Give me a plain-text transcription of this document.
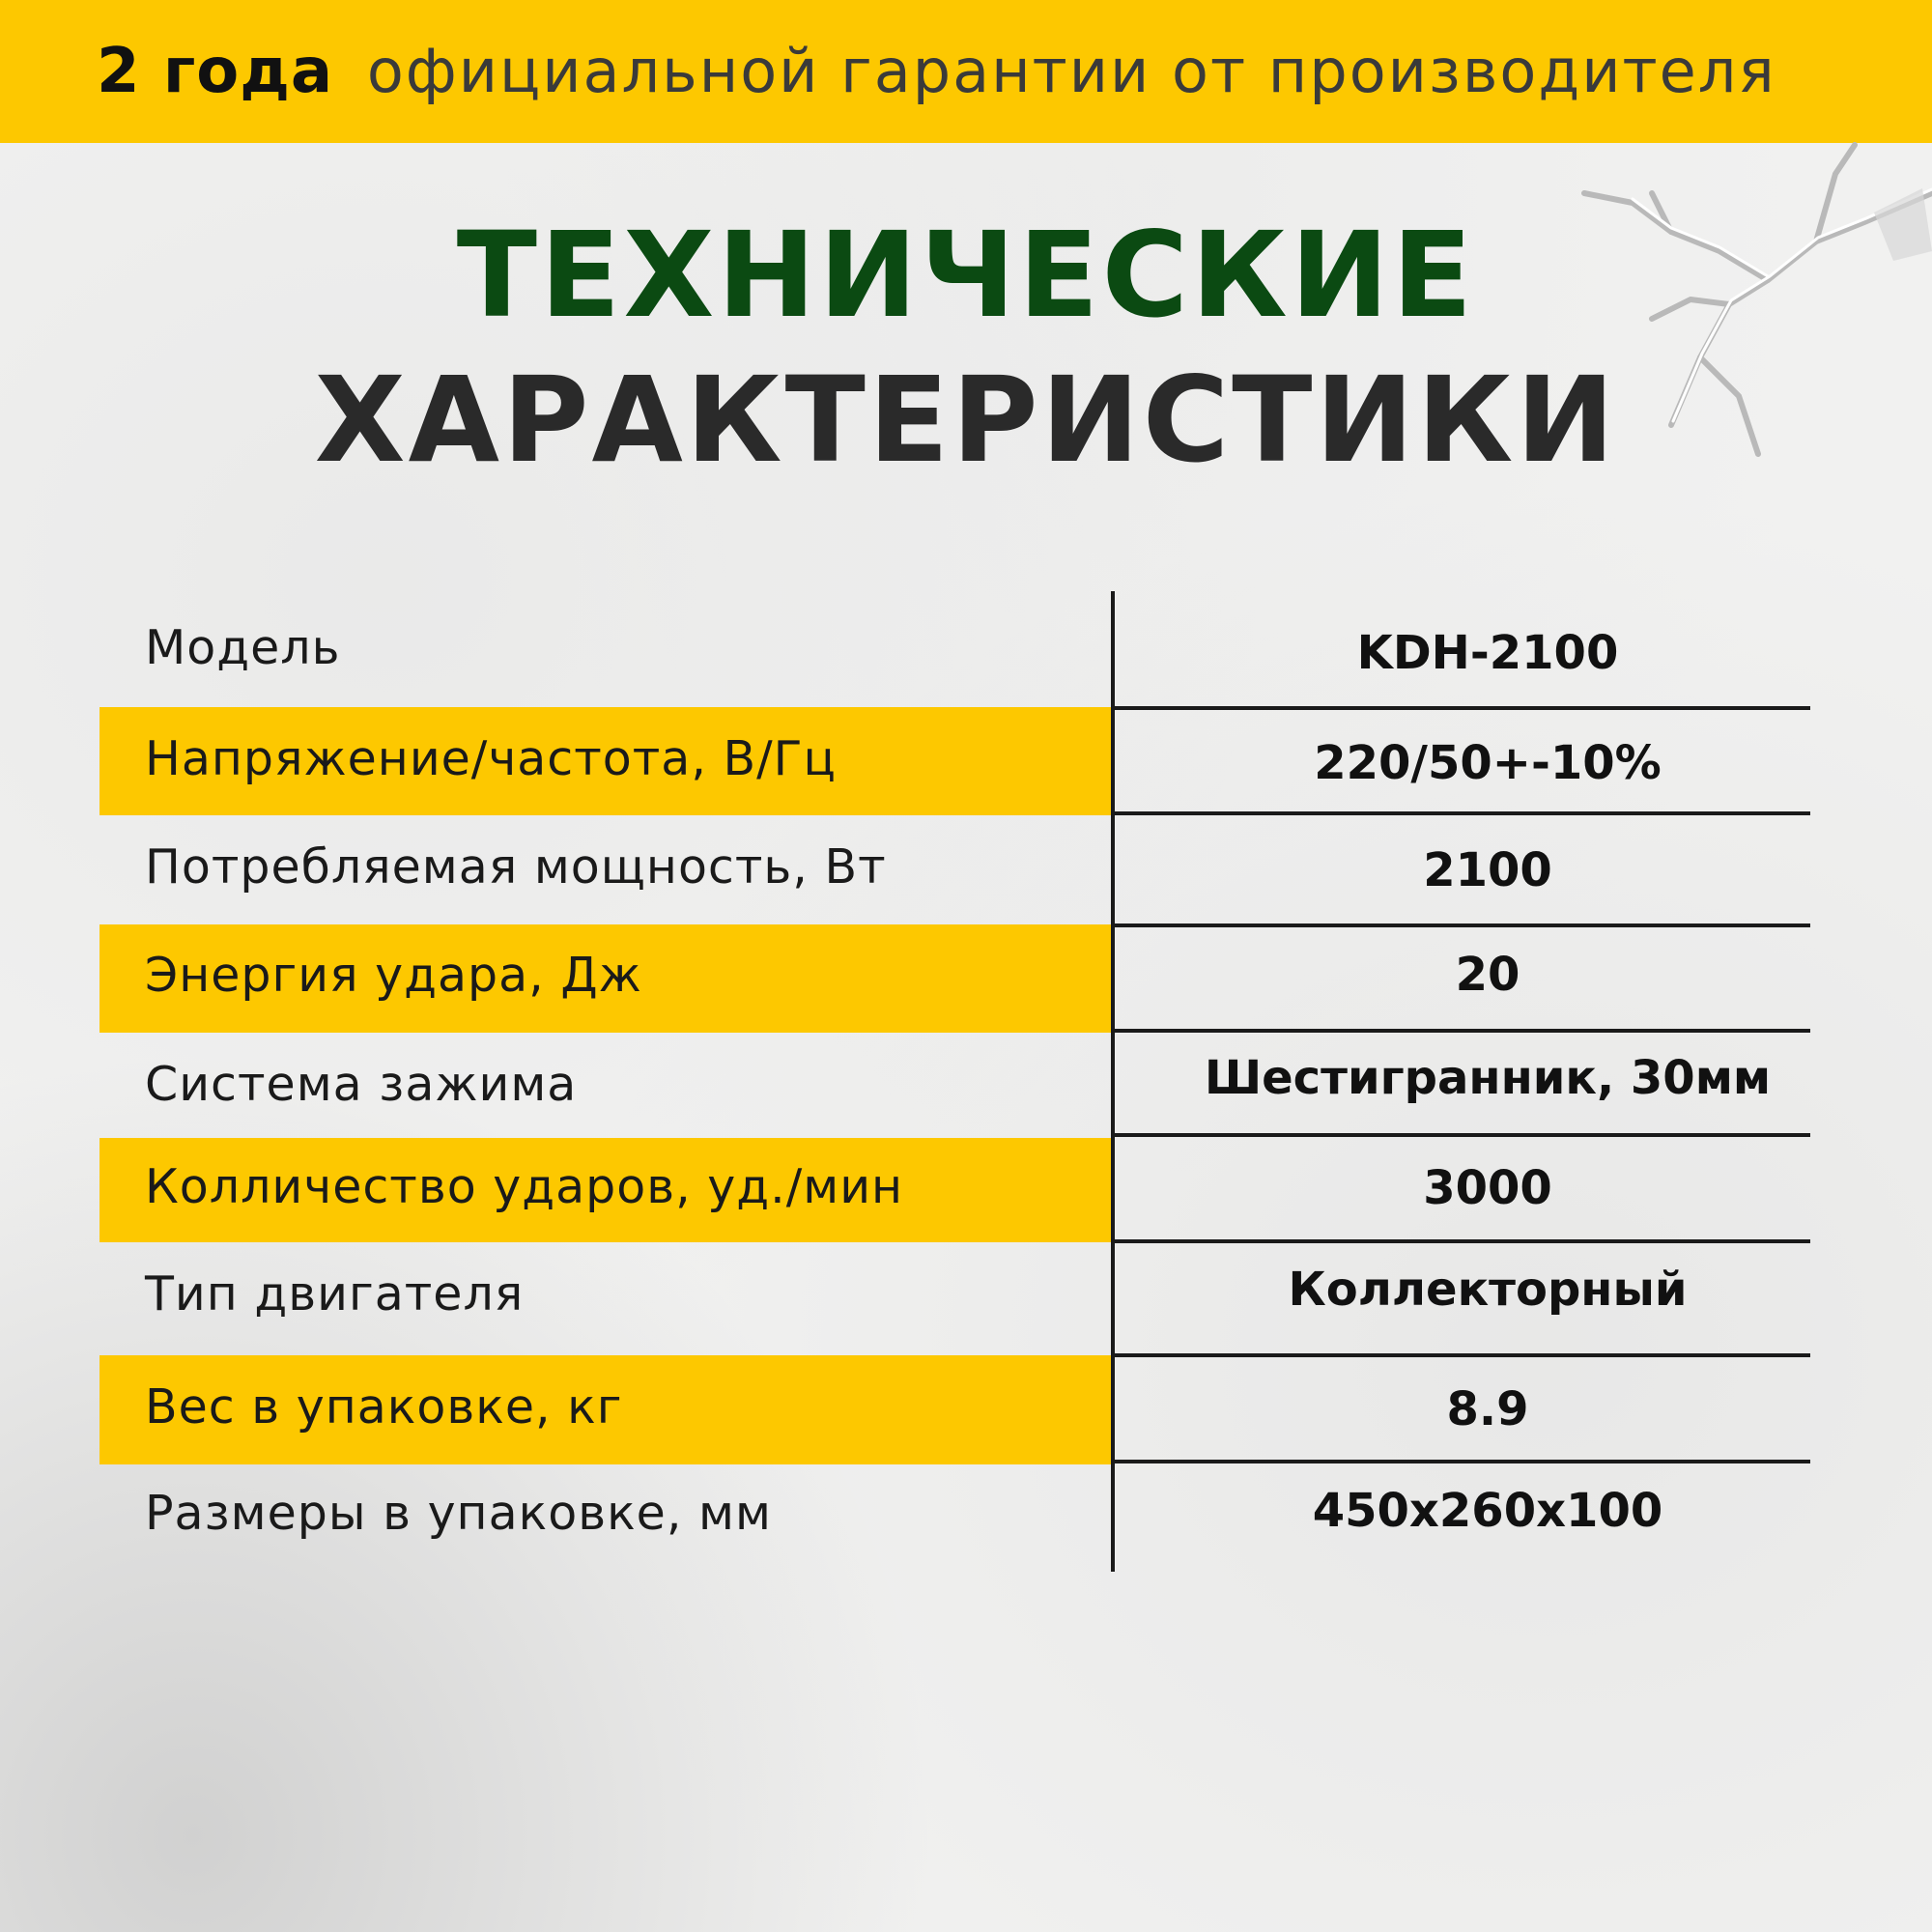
2 года официальной гарантии от производителя
ТЕХНИЧЕСКИЕ
ХАРАКТЕРИСТИКИ
Модель	KDH-2100
Напряжение/частота, В/Гц	220/50+-10%
Потребляемая мощность, Вт	2100
Энергия удара, Дж	20
Система зажима	Шестигранник, 30мм
Колличество ударов, уд./мин	3000
Тип двигателя	Коллекторный
Вес в упаковке, кг	8.9
Размеры в упаковке, мм	450x260x100
